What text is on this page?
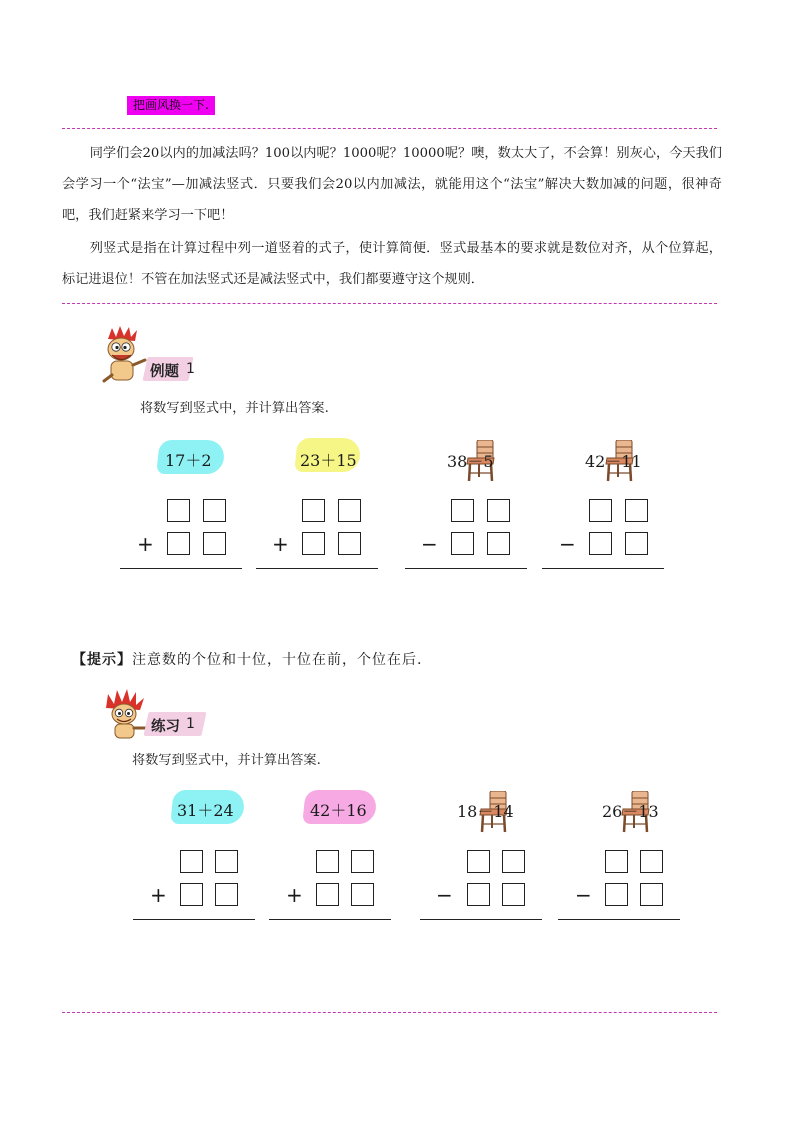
把画风换一下.

同学们会20以内的加减法吗？100以内呢？1000呢？10000呢？噢，数太大了，不会算！别灰心，今天我们会学习一个“法宝”—加减法竖式．只要我们会20以内加减法，就能用这个“法宝”解决大数加减的问题，很神奇吧，我们赶紧来学习一下吧！

列竖式是指在计算过程中列一道竖着的式子，使计算简便．竖式最基本的要求就是数位对齐，从个位算起，标记进退位！不管在加法竖式还是减法竖式中，我们都要遵守这个规则．

例题 1
将数写到竖式中，并计算出答案.
17＋2	23＋15	38－5	42－11
+	+	−	−
【提示】注意数的个位和十位，十位在前，个位在后.
练习 1
将数写到竖式中，并计算出答案.
31＋24	42＋16	18－14	26－13
+	+	−	−
